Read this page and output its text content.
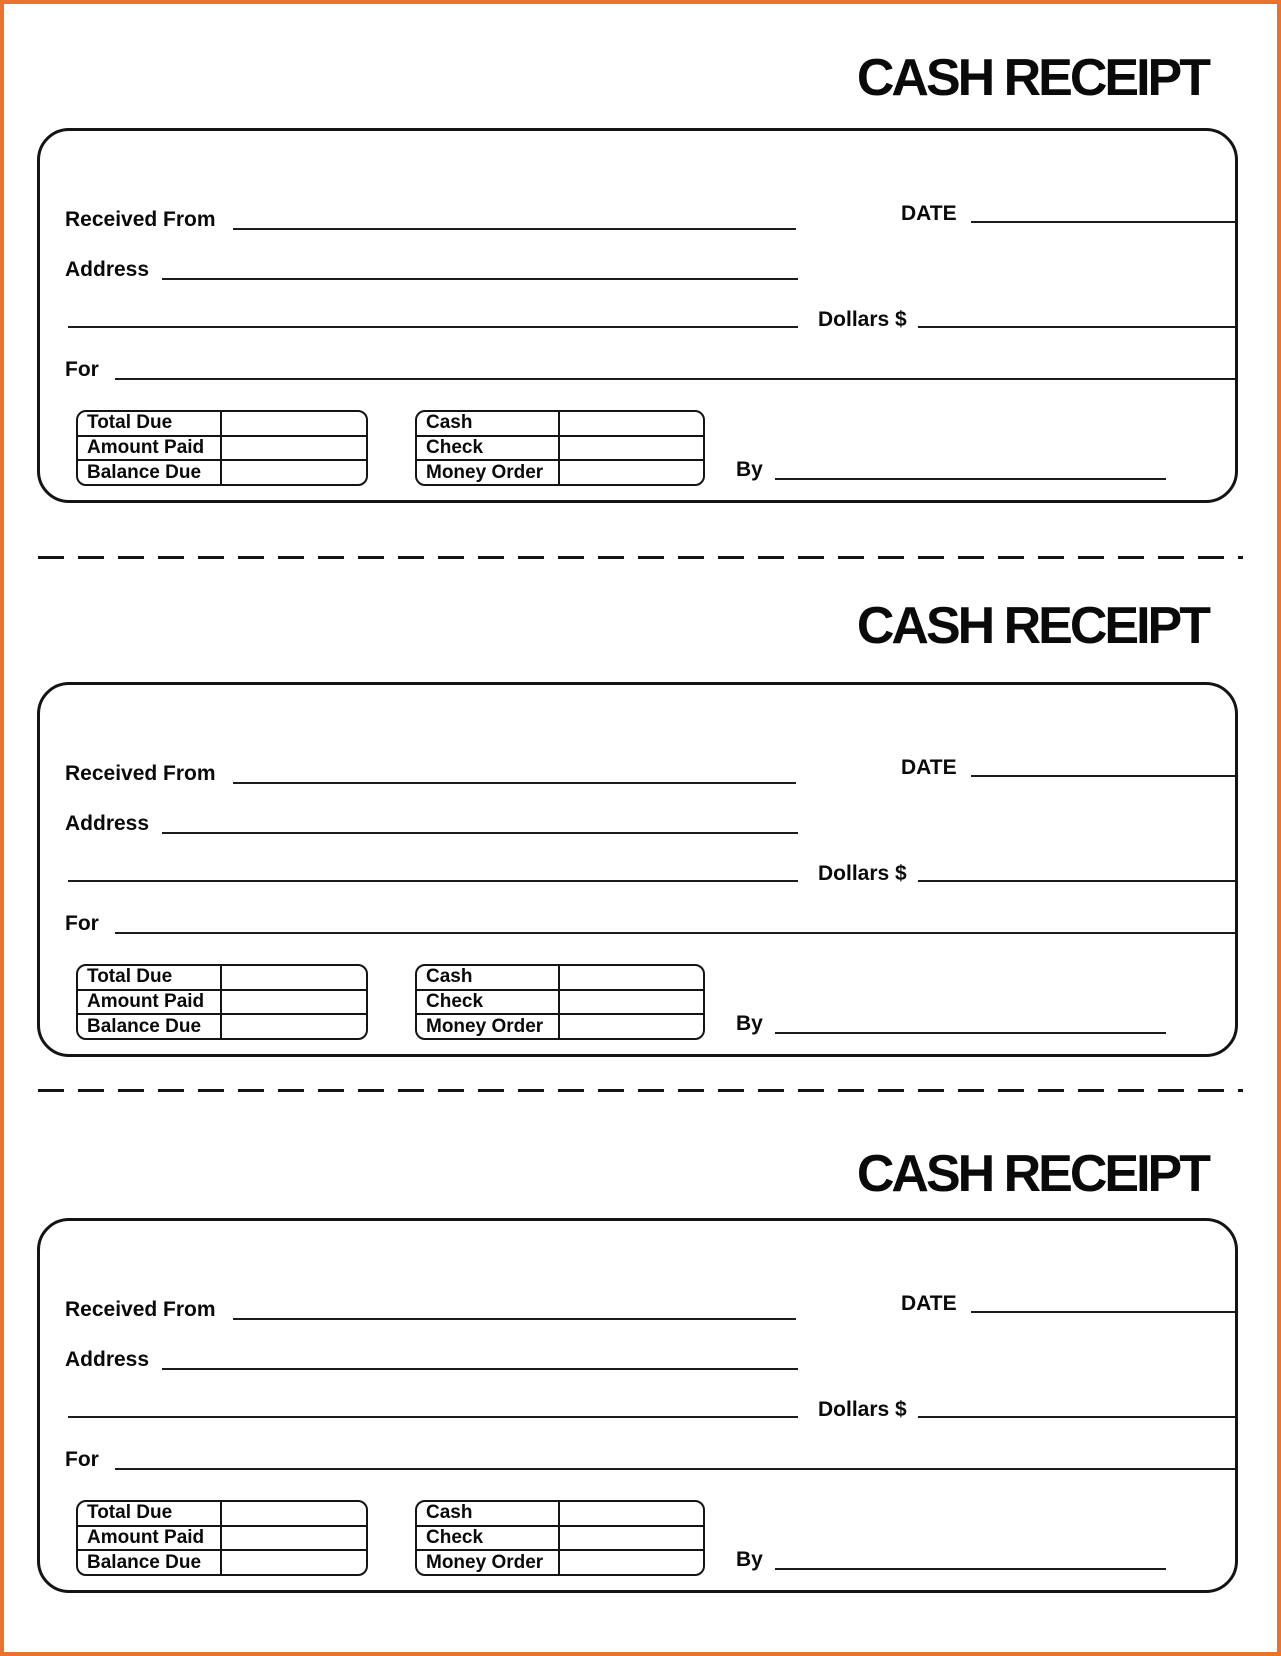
CASH RECEIPT
Received From	DATE
Address
Dollars $
For
Total Due
Amount Paid
Balance Due
Cash
Check
Money Order	By
CASH RECEIPT
Received From	DATE
Address
Dollars $
For
Total Due
Amount Paid
Balance Due
Cash
Check
Money Order	By
CASH RECEIPT
Received From	DATE
Address
Dollars $
For
Total Due
Amount Paid
Balance Due
Cash
Check
Money Order	By
